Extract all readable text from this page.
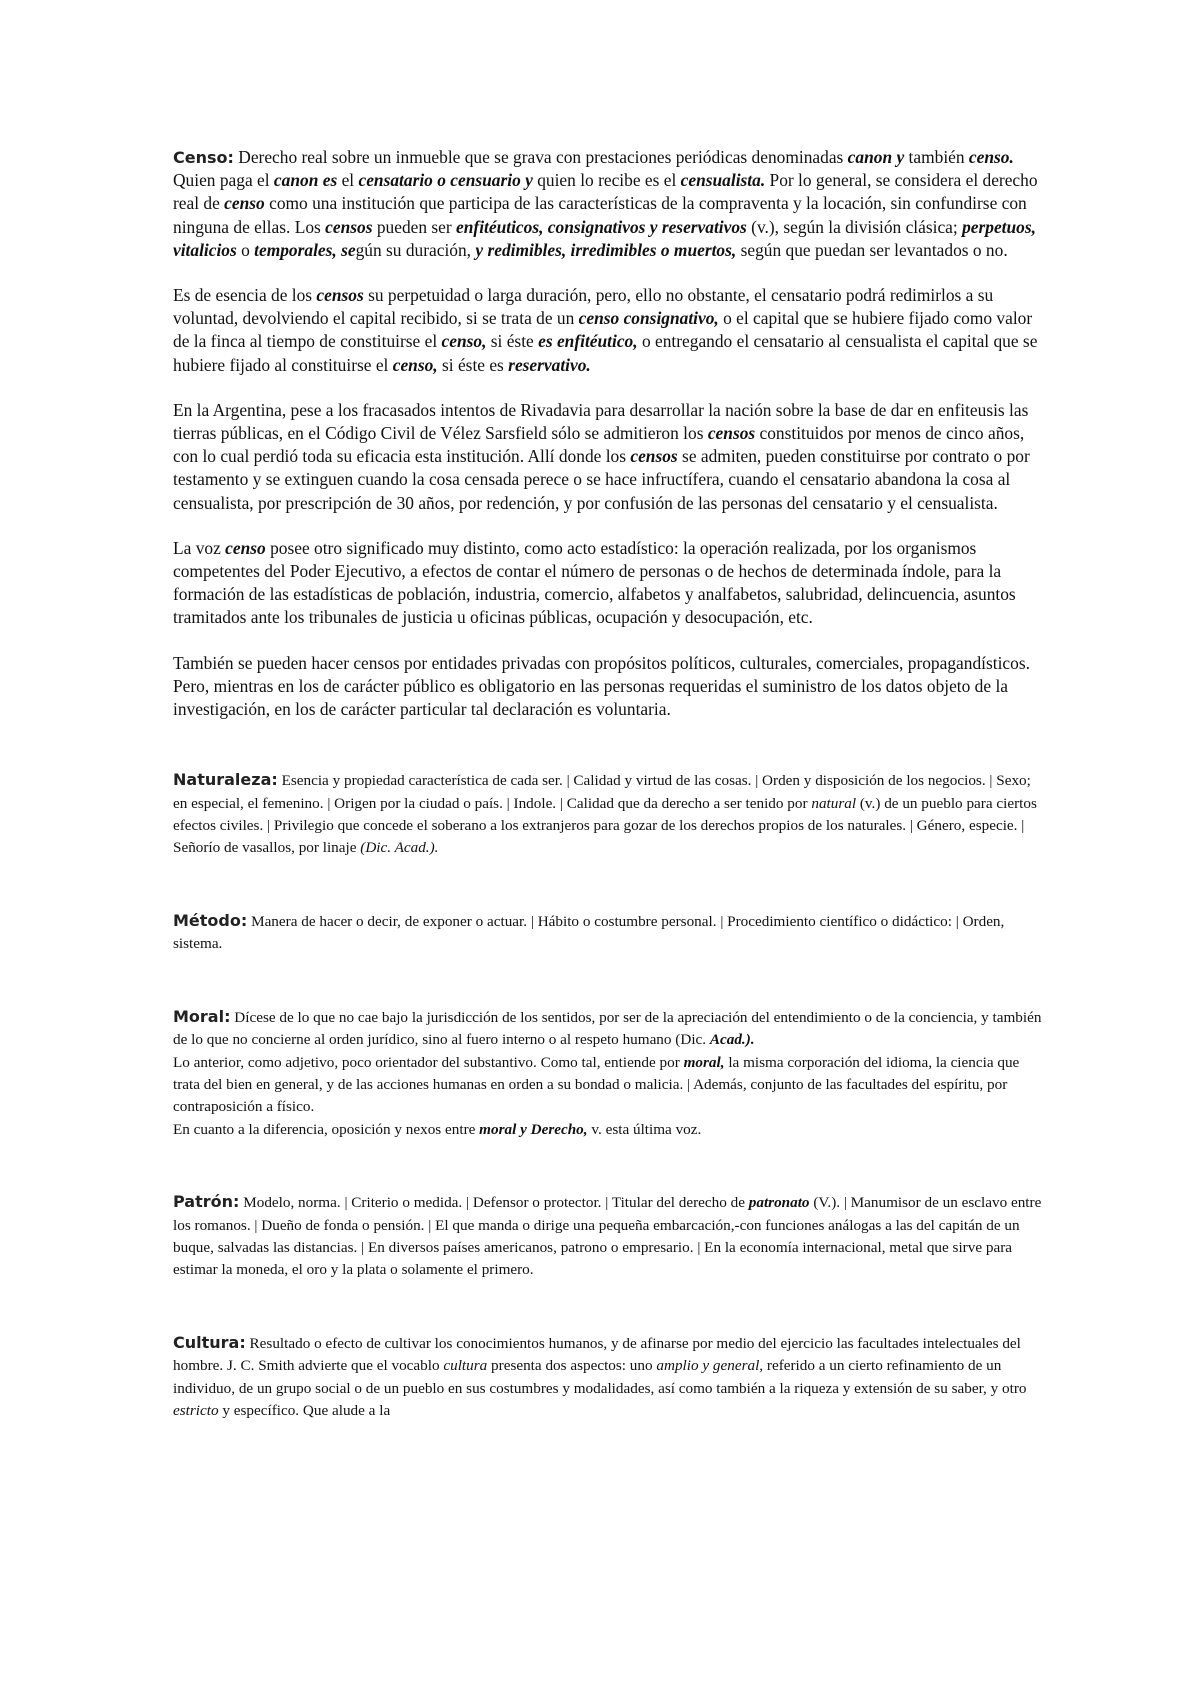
Censo: Derecho real sobre un inmueble que se grava con prestaciones periódicas denominadas canon y también censo. Quien paga el canon es el censatario o censuario y quien lo recibe es el censualista. Por lo general, se considera el derecho real de censo como una institución que participa de las características de la compraventa y la locación, sin confundirse con ninguna de ellas. Los censos pueden ser enfitéuticos, consignativos y reservativos (v.), según la división clásica; perpetuos, vitalicios o temporales, según su duración, y redimibles, irredimibles o muertos, según que puedan ser levantados o no.

Es de esencia de los censos su perpetuidad o larga duración, pero, ello no obstante, el censatario podrá redimirlos a su voluntad, devolviendo el capital recibido, si se trata de un censo consignativo, o el capital que se hubiere fijado como valor de la finca al tiempo de constituirse el censo, si éste es enfitéutico, o entregando el censatario al censualista el capital que se hubiere fijado al constituirse el censo, si éste es reservativo.

En la Argentina, pese a los fracasados intentos de Rivadavia para desarrollar la nación sobre la base de dar en enfiteusis las tierras públicas, en el Código Civil de Vélez Sarsfield sólo se admitieron los censos constituidos por menos de cinco años, con lo cual perdió toda su eficacia esta institución. Allí donde los censos se admiten, pueden constituirse por contrato o por testamento y se extinguen cuando la cosa censada perece o se hace infructífera, cuando el censatario abandona la cosa al censualista, por prescripción de 30 años, por redención, y por confusión de las personas del censatario y el censualista.

La voz censo posee otro significado muy distinto, como acto estadístico: la operación realizada, por los organismos competentes del Poder Ejecutivo, a efectos de contar el número de personas o de hechos de determinada índole, para la formación de las estadísticas de población, industria, comercio, alfabetos y analfabetos, salubridad, delincuencia, asuntos tramitados ante los tribunales de justicia u oficinas públicas, ocupación y desocupación, etc.

También se pueden hacer censos por entidades privadas con propósitos políticos, culturales, comerciales, propagandísticos. Pero, mientras en los de carácter público es obligatorio en las personas requeridas el suministro de los datos objeto de la investigación, en los de carácter particular tal declaración es voluntaria.

Naturaleza: Esencia y propiedad característica de cada ser. | Calidad y virtud de las cosas. | Orden y disposición de los negocios. | Sexo; en especial, el femenino. | Origen por la ciudad o país. | Indole. | Calidad que da derecho a ser tenido por natural (v.) de un pueblo para ciertos efectos civiles. | Privilegio que concede el soberano a los extranjeros para gozar de los derechos propios de los naturales. | Género, especie. | Señorío de vasallos, por linaje (Dic. Acad.).

Método: Manera de hacer o decir, de exponer o actuar. | Hábito o costumbre personal. | Procedimiento científico o didáctico: | Orden, sistema.

Moral: Dícese de lo que no cae bajo la jurisdicción de los sentidos, por ser de la apreciación del entendimiento o de la conciencia, y también de lo que no concierne al orden jurídico, sino al fuero interno o al respeto humano (Dic. Acad.).

Lo anterior, como adjetivo, poco orientador del substantivo. Como tal, entiende por moral, la misma corporación del idioma, la ciencia que trata del bien en general, y de las acciones humanas en orden a su bondad o malicia. | Además, conjunto de las facultades del espíritu, por contraposición a físico.

En cuanto a la diferencia, oposición y nexos entre moral y Derecho, v. esta última voz.

Patrón: Modelo, norma. | Criterio o medida. | Defensor o protector. | Titular del derecho de patronato (V.). | Manumisor de un esclavo entre los romanos. | Dueño de fonda o pensión. | El que manda o dirige una pequeña embarcación,-con funciones análogas a las del capitán de un buque, salvadas las distancias. | En diversos países americanos, patrono o empresario. | En la economía internacional, metal que sirve para estimar la moneda, el oro y la plata o solamente el primero.

Cultura: Resultado o efecto de cultivar los conocimientos humanos, y de afinarse por medio del ejercicio las facultades intelectuales del hombre. J. C. Smith advierte que el vocablo cultura presenta dos aspectos: uno amplio y general, referido a un cierto refinamiento de un individuo, de un grupo social o de un pueblo en sus costumbres y modalidades, así como también a la riqueza y extensión de su saber, y otro estricto y específico. Que alude a la
